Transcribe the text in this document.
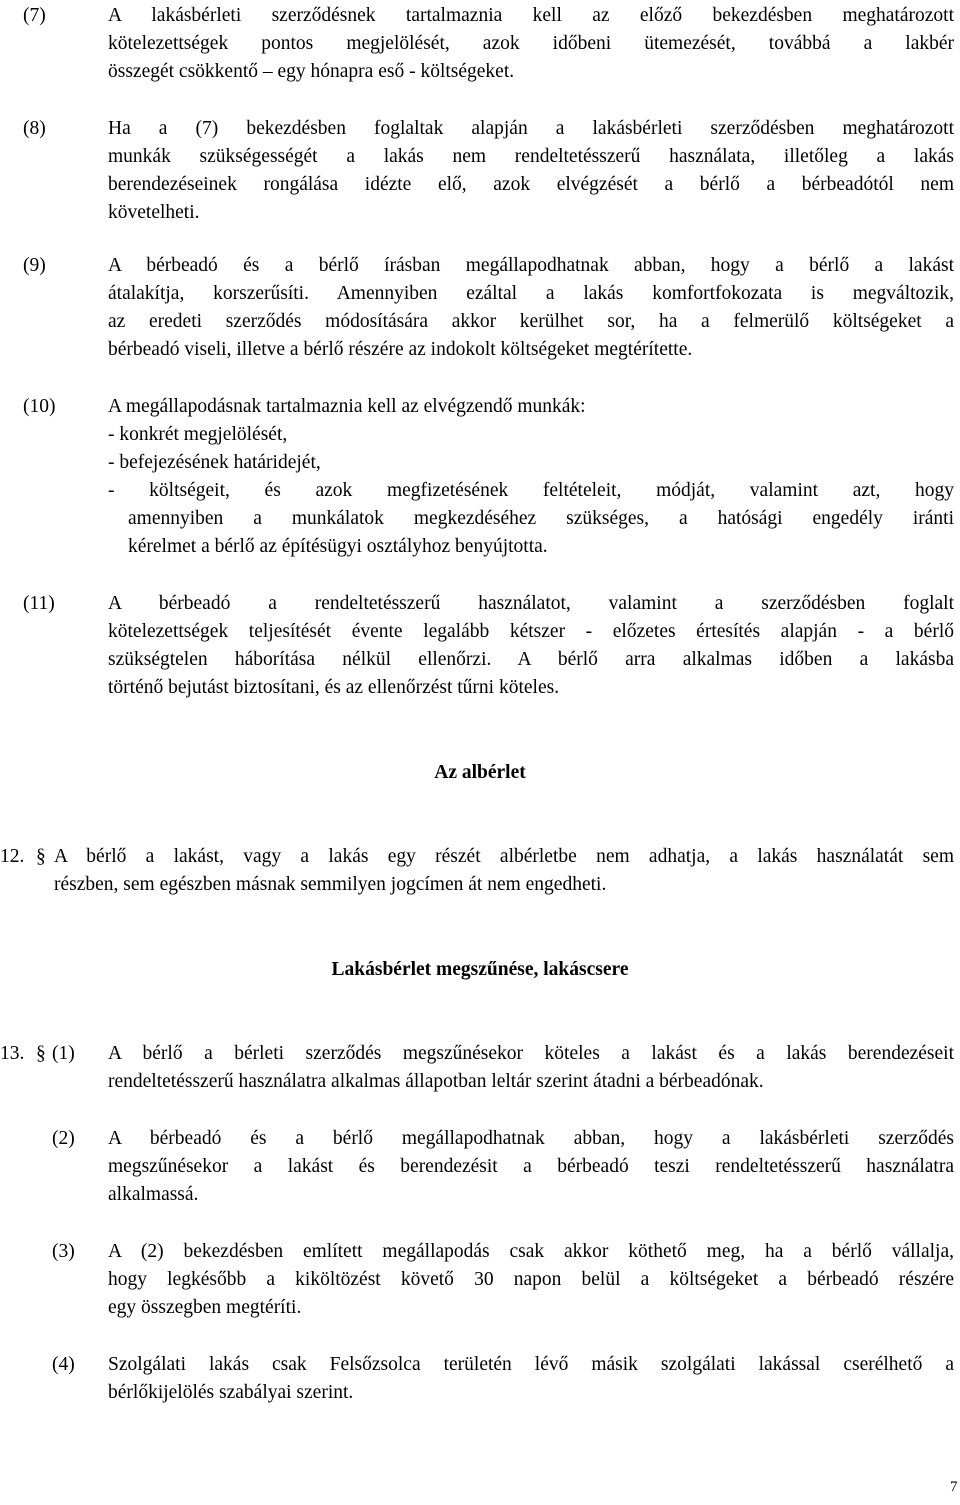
(7)	A lakásbérleti szerződésnek tartalmaznia kell az előző bekezdésben meghatározott
kötelezettségek pontos megjelölését, azok időbeni ütemezését, továbbá a lakbér
összegét csökkentő – egy hónapra eső - költségeket.
(8)	Ha a (7) bekezdésben foglaltak alapján a lakásbérleti szerződésben meghatározott
munkák szükségességét a lakás nem rendeltetésszerű használata, illetőleg a lakás
berendezéseinek rongálása idézte elő, azok elvégzését a bérlő a bérbeadótól nem
követelheti.
(9)	A bérbeadó és a bérlő írásban megállapodhatnak abban, hogy a bérlő a lakást
átalakítja, korszerűsíti. Amennyiben ezáltal a lakás komfortfokozata is megváltozik,
az eredeti szerződés módosítására akkor kerülhet sor, ha a felmerülő költségeket a
bérbeadó viseli, illetve a bérlő részére az indokolt költségeket megtérítette.
(10)	A megállapodásnak tartalmaznia kell az elvégzendő munkák:
- konkrét megjelölését,
- befejezésének határidejét,
- költségeit, és azok megfizetésének feltételeit, módját, valamint azt, hogy
amennyiben a munkálatok megkezdéséhez szükséges, a hatósági engedély iránti
kérelmet a bérlő az építésügyi osztályhoz benyújtotta.
(11)	A bérbeadó a rendeltetésszerű használatot, valamint a szerződésben foglalt
kötelezettségek teljesítését évente legalább kétszer - előzetes értesítés alapján - a bérlő
szükségtelen háborítása nélkül ellenőrzi. A bérlő arra alkalmas időben a lakásba
történő bejutást biztosítani, és az ellenőrzést tűrni köteles.
Az albérlet
12. § A bérlő a lakást, vagy a lakás egy részét albérletbe nem adhatja, a lakás használatát sem
részben, sem egészben másnak semmilyen jogcímen át nem engedheti.
Lakásbérlet megszűnése, lakáscsere
13. § (1) A bérlő a bérleti szerződés megszűnésekor köteles a lakást és a lakás berendezéseit
rendeltetésszerű használatra alkalmas állapotban leltár szerint átadni a bérbeadónak.
(2) A bérbeadó és a bérlő megállapodhatnak abban, hogy a lakásbérleti szerződés
megszűnésekor a lakást és berendezésit a bérbeadó teszi rendeltetésszerű használatra
alkalmassá.
(3) A (2) bekezdésben említett megállapodás csak akkor köthető meg, ha a bérlő vállalja,
hogy legkésőbb a kiköltözést követő 30 napon belül a költségeket a bérbeadó részére
egy összegben megtéríti.
(4) Szolgálati lakás csak Felsőzsolca területén lévő másik szolgálati lakással cserélhető a
bérlőkijelölés szabályai szerint.
7
